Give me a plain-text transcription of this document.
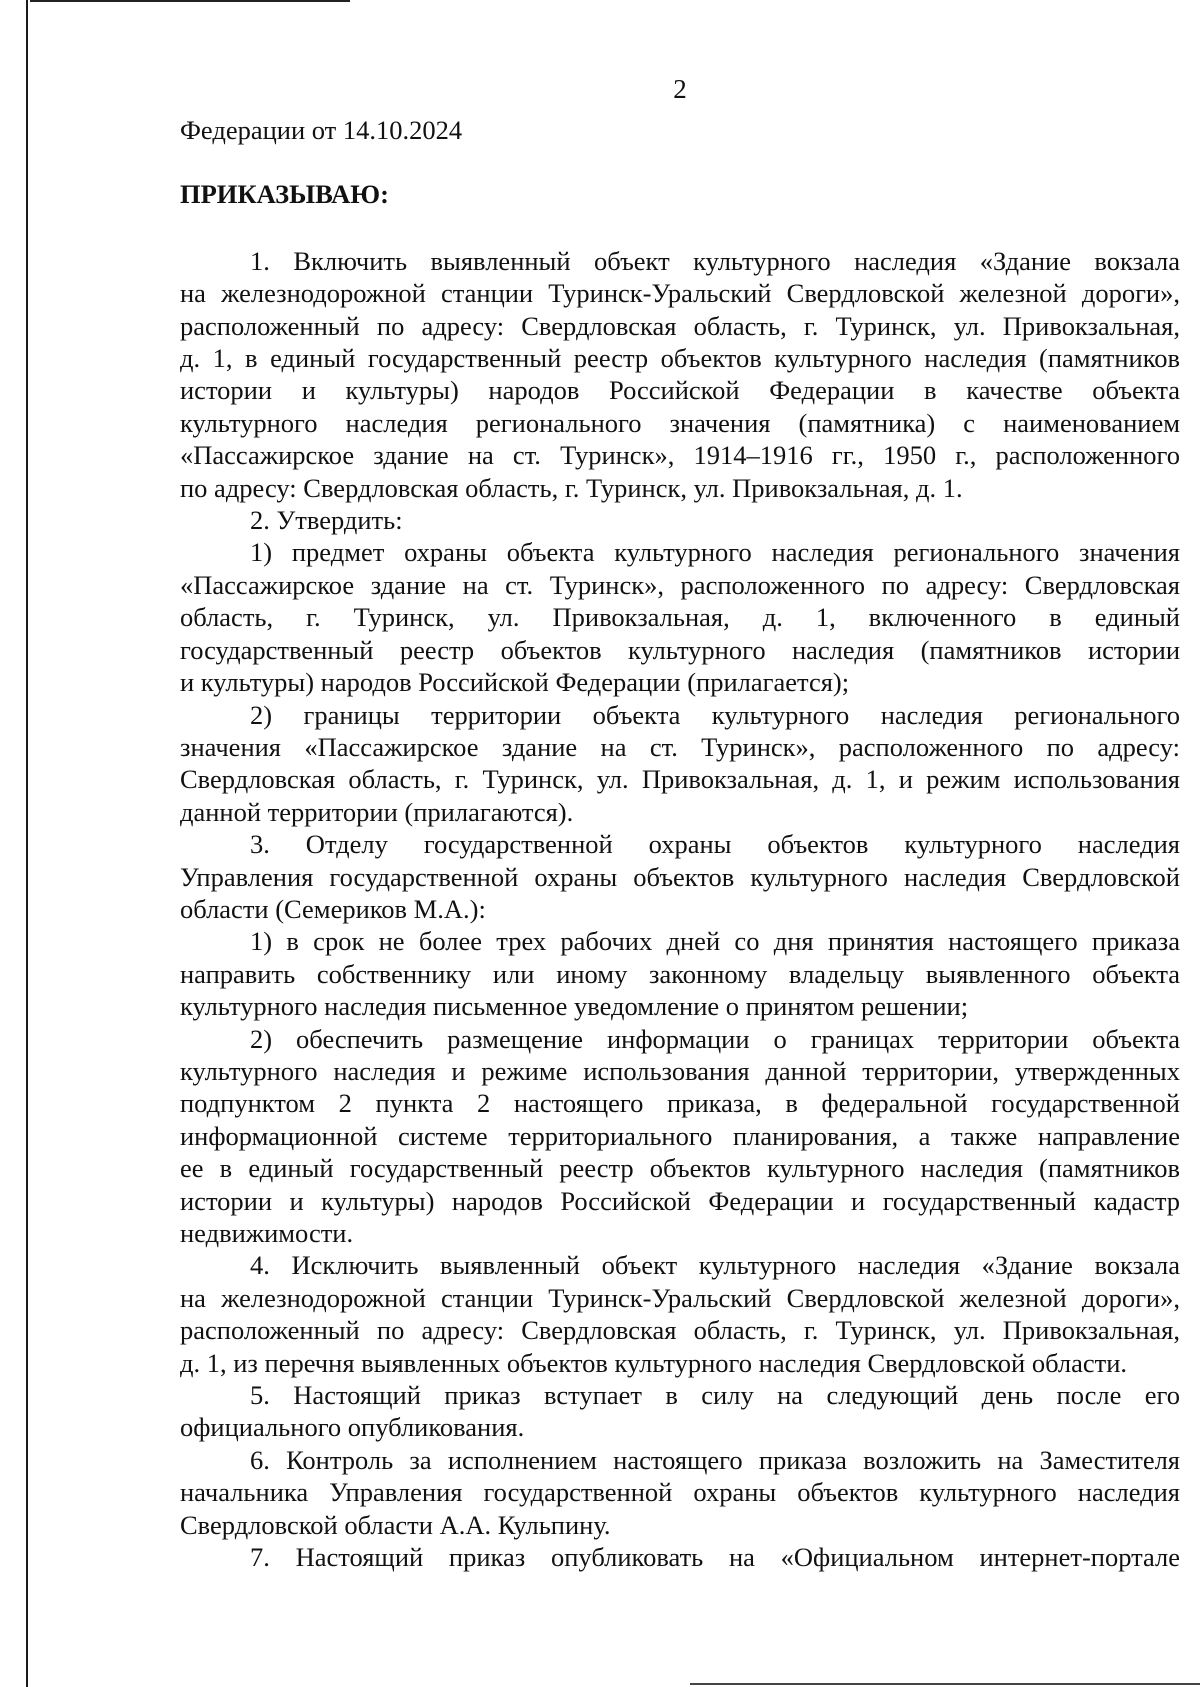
2

Федерации от 14.10.2024

ПРИКАЗЫВАЮ:

1. Включить выявленный объект культурного наследия «Здание вокзала

на железнодорожной станции Туринск-Уральский Свердловской железной дороги»,

расположенный по адресу: Свердловская область, г. Туринск, ул. Привокзальная,

д. 1, в единый государственный реестр объектов культурного наследия (памятников

истории и культуры) народов Российской Федерации в качестве объекта

культурного наследия регионального значения (памятника) с наименованием

«Пассажирское здание на ст. Туринск», 1914–1916 гг., 1950 г., расположенного

по адресу: Свердловская область, г. Туринск, ул. Привокзальная, д. 1.

2. Утвердить:

1) предмет охраны объекта культурного наследия регионального значения

«Пассажирское здание на ст. Туринск», расположенного по адресу: Свердловская

область, г. Туринск, ул. Привокзальная, д. 1, включенного в единый

государственный реестр объектов культурного наследия (памятников истории

и культуры) народов Российской Федерации (прилагается);

2) границы территории объекта культурного наследия регионального

значения «Пассажирское здание на ст. Туринск», расположенного по адресу:

Свердловская область, г. Туринск, ул. Привокзальная, д. 1, и режим использования

данной территории (прилагаются).

3. Отделу государственной охраны объектов культурного наследия

Управления государственной охраны объектов культурного наследия Свердловской

области (Семериков М.А.):

1) в срок не более трех рабочих дней со дня принятия настоящего приказа

направить собственнику или иному законному владельцу выявленного объекта

культурного наследия письменное уведомление о принятом решении;

2) обеспечить размещение информации о границах территории объекта

культурного наследия и режиме использования данной территории, утвержденных

подпунктом 2 пункта 2 настоящего приказа, в федеральной государственной

информационной системе территориального планирования, а также направление

ее в единый государственный реестр объектов культурного наследия (памятников

истории и культуры) народов Российской Федерации и государственный кадастр

недвижимости.

4. Исключить выявленный объект культурного наследия «Здание вокзала

на железнодорожной станции Туринск-Уральский Свердловской железной дороги»,

расположенный по адресу: Свердловская область, г. Туринск, ул. Привокзальная,

д. 1, из перечня выявленных объектов культурного наследия Свердловской области.

5. Настоящий приказ вступает в силу на следующий день после его

официального опубликования.

6. Контроль за исполнением настоящего приказа возложить на Заместителя

начальника Управления государственной охраны объектов культурного наследия

Свердловской области А.А. Кульпину.

7. Настоящий приказ опубликовать на «Официальном интернет-портале
